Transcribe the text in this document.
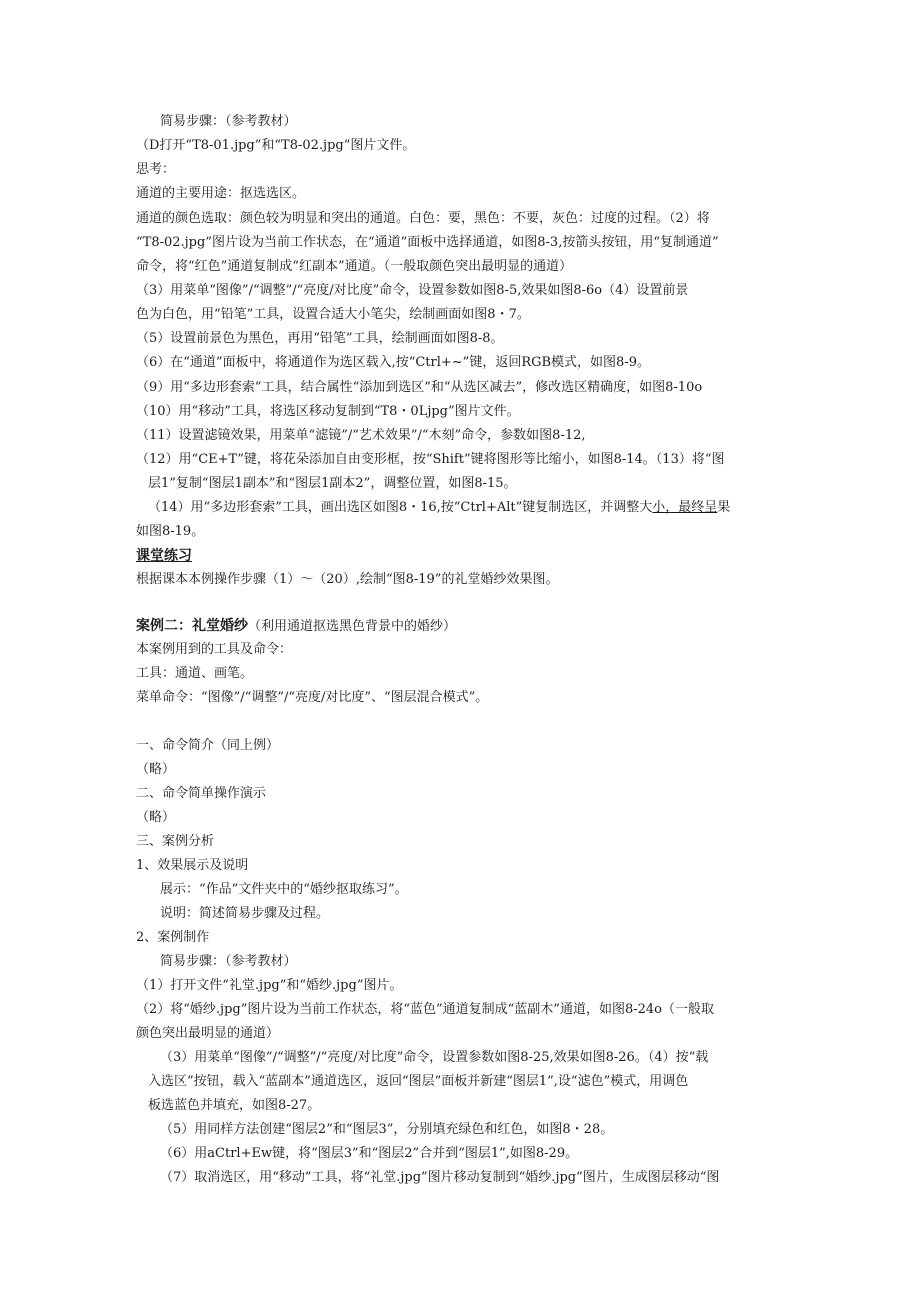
简易步骤：（参考教材）
（D打开“T8-01.jpg”和“T8-02.jpg”图片文件。
思考：
通道的主要用途：抠选选区。
通道的颜色选取：颜色较为明显和突出的通道。白色：要，黑色：不要，灰色：过度的过程。（2）将
“T8-02.jpg”图片设为当前工作状态，在“通道”面板中选择通道，如图8-3,按箭头按钮，用“复制通道”
命令，将“红色”通道复制成“红副本”通道。（一般取颜色突出最明显的通道）
（3）用菜单“图像”/“调整”/“亮度/对比度”命令，设置参数如图8-5,效果如图8-6o（4）设置前景
色为白色，用“铅笔”工具，设置合适大小笔尖，绘制画面如图8・7。
（5）设置前景色为黑色，再用“铅笔”工具，绘制画面如图8-8。
（6）在“通道”面板中，将通道作为选区载入,按“Ctrl+~”键，返回RGB模式，如图8-9。
（9）用“多边形套索”工具，结合属性“添加到选区”和“从选区减去”，修改选区精确度，如图8-10o
（10）用“移动”工具，将选区移动复制到“T8・0Ljpg”图片文件。
（11）设置滤镜效果，用菜单“滤镜”/“艺术效果”/“木刻”命令，参数如图8-12,
（12）用“CE+T”键，将花朵添加自由变形框，按“Shift”键将图形等比缩小，如图8-14。（13）将“图
层1”复制“图层1副本”和“图层1副本2”，调整位置，如图8-15。
（14）用“多边形套索”工具，画出选区如图8・16,按“Ctrl+Alt”键复制选区，并调整大小，最终呈果
如图8-19。
课堂练习
根据课本本例操作步骤（1）～（20）,绘制“图8-19”的礼堂婚纱效果图。
案例二：礼堂婚纱（利用通道抠选黑色背景中的婚纱）
本案例用到的工具及命令：
工具：通道、画笔。
菜单命令：“图像”/“调整”/“亮度/对比度”、“图层混合模式”。
一、命令简介（同上例）
（略）
二、命令简单操作演示
（略）
三、案例分析
1、效果展示及说明
展示：“作品”文件夹中的“婚纱抠取练习”。
说明：简述简易步骤及过程。
2、案例制作
简易步骤：（参考教材）
（1）打开文件“礼堂.jpg”和“婚纱.jpg”图片。
（2）将“婚纱.jpg”图片设为当前工作状态，将“蓝色”通道复制成“蓝副木”通道，如图8-24o（一般取
颜色突出最明显的通道）
（3）用菜单“图像”/“调整”/“亮度/对比度”命令，设置参数如图8-25,效果如图8-26。（4）按“载
入选区”按钮，载入“蓝副本”通道选区，返回“图层”面板并新建“图层1”,设“滤色”模式，用调色
板选蓝色并填充，如图8-27。
（5）用同样方法创建“图层2”和“图层3”，分别填充绿色和红色，如图8・28。
（6）用aCtrl+Ew键，将“图层3”和“图层2”合并到“图层1”,如图8-29。
（7）取消选区，用“移动”工具，将“礼堂.jpg”图片移动复制到“婚纱.jpg”图片，生成图层移动“图
